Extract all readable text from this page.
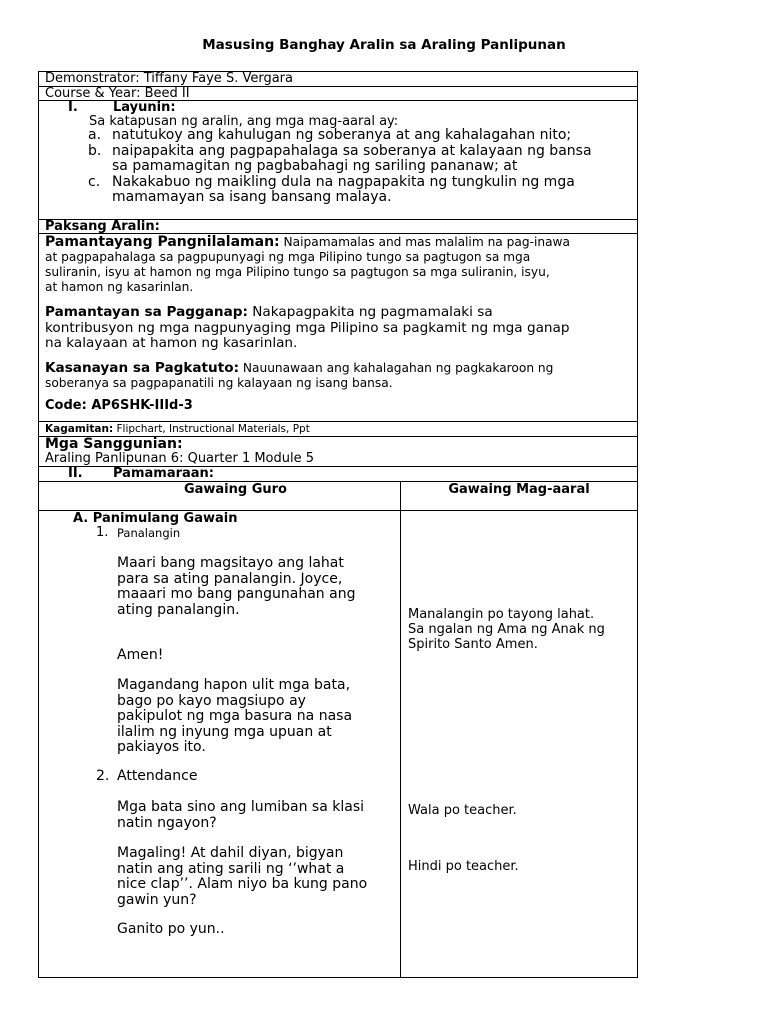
Masusing Banghay Aralin sa Araling Panlipunan
Demonstrator: Tiffany Faye S. Vergara
Course & Year: Beed II
I.	Layunin:
Sa katapusan ng aralin, ang mga mag-aaral ay:
a. natutukoy ang kahulugan ng soberanya at ang kahalagahan nito;
b. naipapakita ang pagpapahalaga sa soberanya at kalayaan ng bansa
sa pamamagitan ng pagbabahagi ng sariling pananaw; at
c. Nakakabuo ng maikling dula na nagpapakita ng tungkulin ng mga
mamamayan sa isang bansang malaya.
Paksang Aralin:
Pamantayang Pangnilalaman: Naipamamalas and mas malalim na pag-inawa
at pagpapahalaga sa pagpupunyagi ng mga Pilipino tungo sa pagtugon sa mga
suliranin, isyu at hamon ng mga Pilipino tungo sa pagtugon sa mga suliranin, isyu,
at hamon ng kasarinlan.
Pamantayan sa Pagganap: Nakapagpakita ng pagmamalaki sa
kontribusyon ng mga nagpunyaging mga Pilipino sa pagkamit ng mga ganap
na kalayaan at hamon ng kasarinlan.
Kasanayan sa Pagkatuto: Nauunawaan ang kahalagahan ng pagkakaroon ng
soberanya sa pagpapanatili ng kalayaan ng isang bansa.
Code: AP6SHK-IIId-3
Kagamitan: Flipchart, Instructional Materials, Ppt
Mga Sanggunian:
Araling Panlipunan 6: Quarter 1 Module 5
II. Pamamaraan:
Gawaing Guro	Gawaing Mag-aaral
A. Panimulang Gawain
1. Panalangin
Maari bang magsitayo ang lahat
para sa ating panalangin. Joyce,
maaari mo bang pangunahan ang
ating panalangin.
Amen!
Magandang hapon ulit mga bata,
bago po kayo magsiupo ay
pakipulot ng mga basura na nasa
ilalim ng inyung mga upuan at
pakiayos ito.
2. Attendance
Mga bata sino ang lumiban sa klasi
natin ngayon?
Magaling! At dahil diyan, bigyan
natin ang ating sarili ng ‘’what a
nice clap’’. Alam niyo ba kung pano
gawin yun?
Ganito po yun..
Manalangin po tayong lahat.
Sa ngalan ng Ama ng Anak ng
Spirito Santo Amen.
Wala po teacher.
Hindi po teacher.
